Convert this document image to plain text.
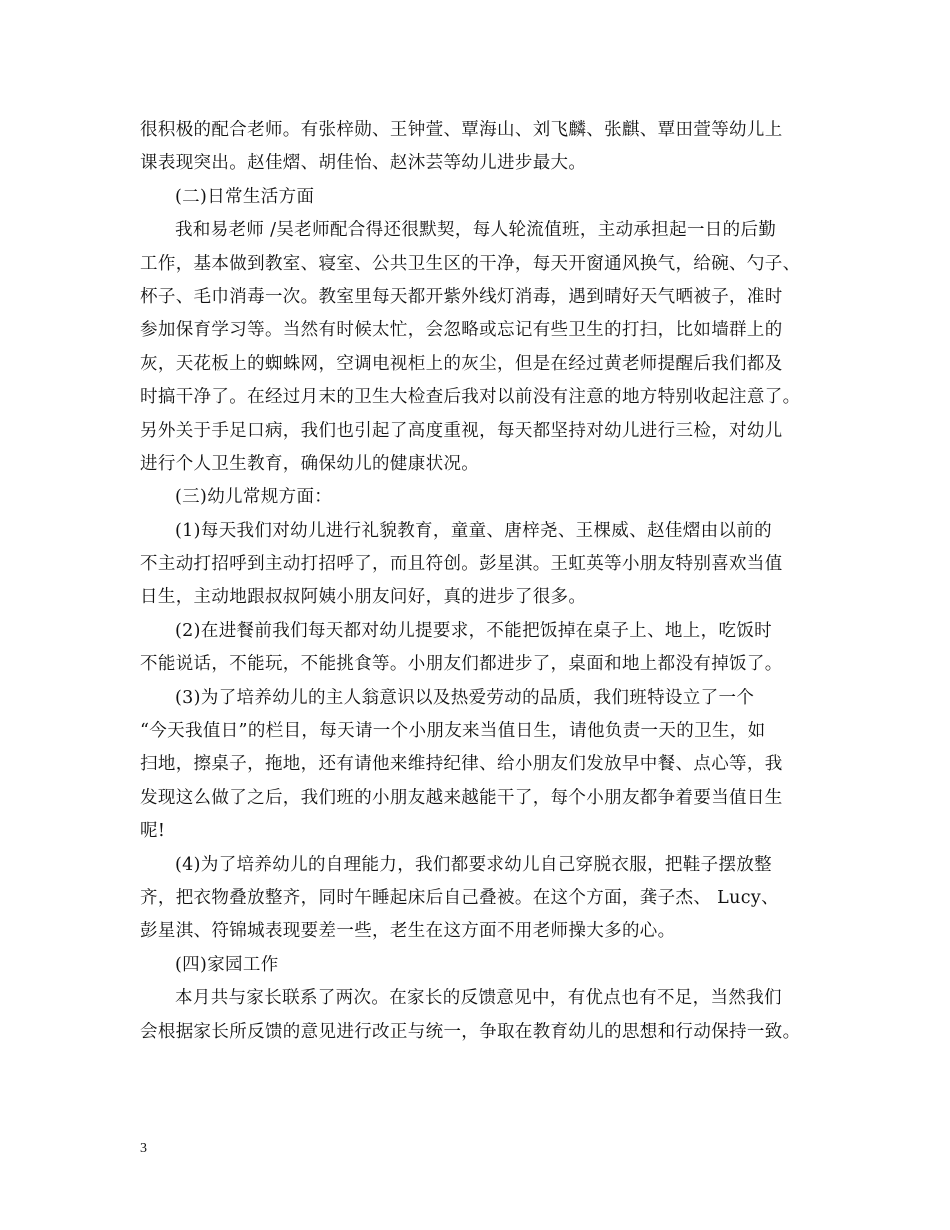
很积极的配合老师。有张梓勋、王钟萱、覃海山、刘飞麟、张麒、覃田萱等幼儿上
课表现突出。赵佳熠、胡佳怡、赵沐芸等幼儿进步最大。
(二)日常生活方面
我和易老师 /吴老师配合得还很默契，每人轮流值班，主动承担起一日的后勤
工作，基本做到教室、寝室、公共卫生区的干净，每天开窗通风换气，给碗、勺子、
杯子、毛巾消毒一次。教室里每天都开紫外线灯消毒，遇到晴好天气晒被子，准时
参加保育学习等。当然有时候太忙，会忽略或忘记有些卫生的打扫，比如墙群上的
灰，天花板上的蜘蛛网，空调电视柜上的灰尘，但是在经过黄老师提醒后我们都及
时搞干净了。在经过月末的卫生大检查后我对以前没有注意的地方特别收起注意了。
另外关于手足口病，我们也引起了高度重视，每天都坚持对幼儿进行三检，对幼儿
进行个人卫生教育，确保幼儿的健康状况。
(三)幼儿常规方面：
(1)每天我们对幼儿进行礼貌教育，童童、唐梓尧、王棵威、赵佳熠由以前的
不主动打招呼到主动打招呼了，而且符创。彭星淇。王虹英等小朋友特别喜欢当值
日生，主动地跟叔叔阿姨小朋友问好，真的进步了很多。
(2)在进餐前我们每天都对幼儿提要求，不能把饭掉在桌子上、地上，吃饭时
不能说话，不能玩，不能挑食等。小朋友们都进步了，桌面和地上都没有掉饭了。
(3)为了培养幼儿的主人翁意识以及热爱劳动的品质，我们班特设立了一个
“今天我值日”的栏目，每天请一个小朋友来当值日生，请他负责一天的卫生，如
扫地，擦桌子，拖地，还有请他来维持纪律、给小朋友们发放早中餐、点心等，我
发现这么做了之后，我们班的小朋友越来越能干了，每个小朋友都争着要当值日生
呢!
(4)为了培养幼儿的自理能力，我们都要求幼儿自己穿脱衣服，把鞋子摆放整
齐，把衣物叠放整齐，同时午睡起床后自己叠被。在这个方面，龚子杰、 Lucy、
彭星淇、符锦城表现要差一些，老生在这方面不用老师操大多的心。
(四)家园工作
本月共与家长联系了两次。在家长的反馈意见中，有优点也有不足，当然我们
会根据家长所反馈的意见进行改正与统一，争取在教育幼儿的思想和行动保持一致。
3
